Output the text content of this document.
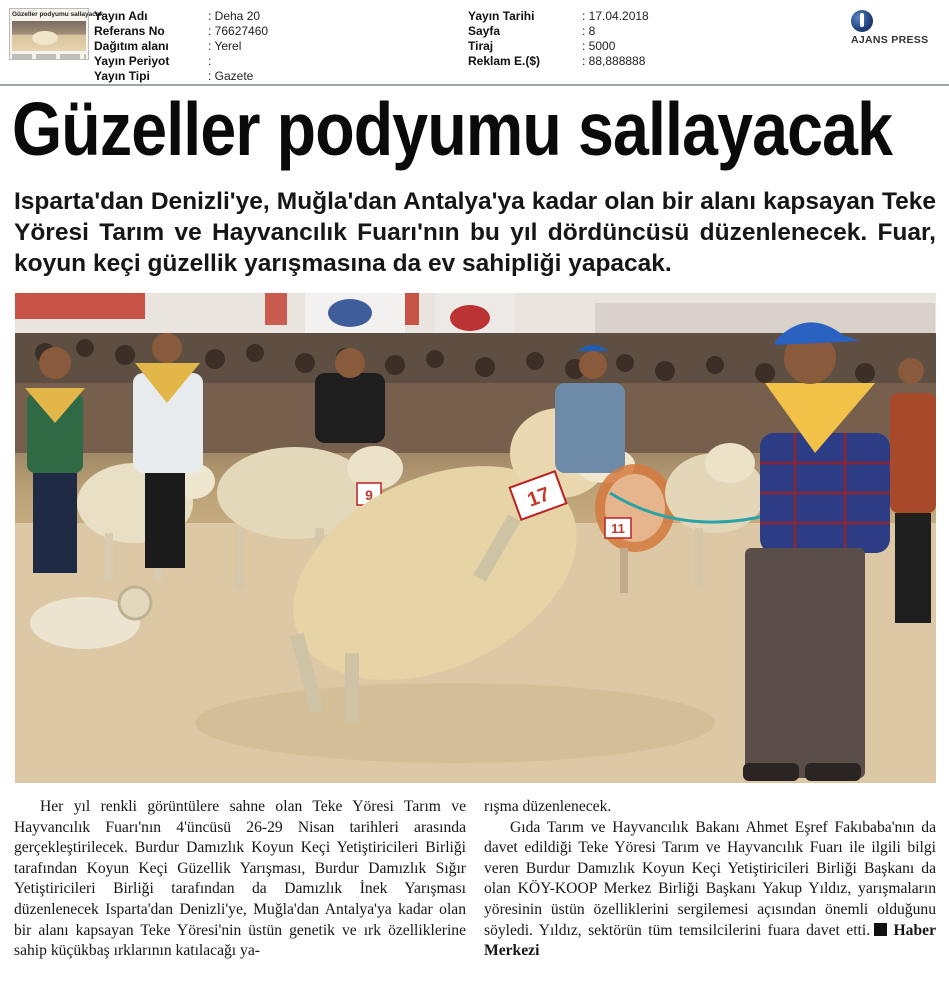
Güzeller podyumu sallayacak
Yayın Adı	: Deha 20
Referans No	: 76627460
Dağıtım alanı	: Yerel
Yayın Periyot	:
Yayın Tipi	: Gazete
Yayın Tarihi	: 17.04.2018
Sayfa	: 8
Tiraj	: 5000
Reklam E.($)	: 88,888888
AJANS PRESS
Güzeller podyumu sallayacak

Isparta'dan Denizli'ye, Muğla'dan Antalya'ya kadar olan bir alanı kapsayan Teke Yöresi Tarım ve Hayvancılık Fuarı'nın bu yıl dördüncüsü düzenlenecek. Fuar, koyun keçi güzellik yarışmasına da ev sahipliği yapacak.

9	17
11

Her yıl renkli görüntülere sahne olan Teke Yöresi Tarım ve Hayvancılık Fuarı'nın 4'üncüsü 26-29 Nisan tarihleri arasında gerçekleştirilecek. Burdur Damızlık Koyun Keçi Yetiştiricileri Birliği tarafından Koyun Keçi Güzellik Yarışması, Burdur Damızlık Sığır Yetiştiricileri Birliği tarafından da Damızlık İnek Yarışması düzenlenecek Isparta'dan Denizli'ye, Muğla'dan Antalya'ya kadar olan bir alanı kapsayan Teke Yöresi'nin üstün genetik ve ırk özelliklerine sahip küçükbaş ırklarının katılacağı ya-

rışma düzenlenecek.

Gıda Tarım ve Hayvancılık Bakanı Ahmet Eşref Fakıbaba'nın da davet edildiği Teke Yöresi Tarım ve Hayvancılık Fuarı ile ilgili bilgi veren Burdur Damızlık Koyun Keçi Yetiştiricileri Birliği Başkanı da olan KÖY-KOOP Merkez Birliği Başkanı Yakup Yıldız, yarışmaların yöresinin üstün özelliklerini sergilemesi açısından önemli olduğunu söyledi. Yıldız, sektörün tüm temsilcilerini fuara davet etti. Haber Merkezi
